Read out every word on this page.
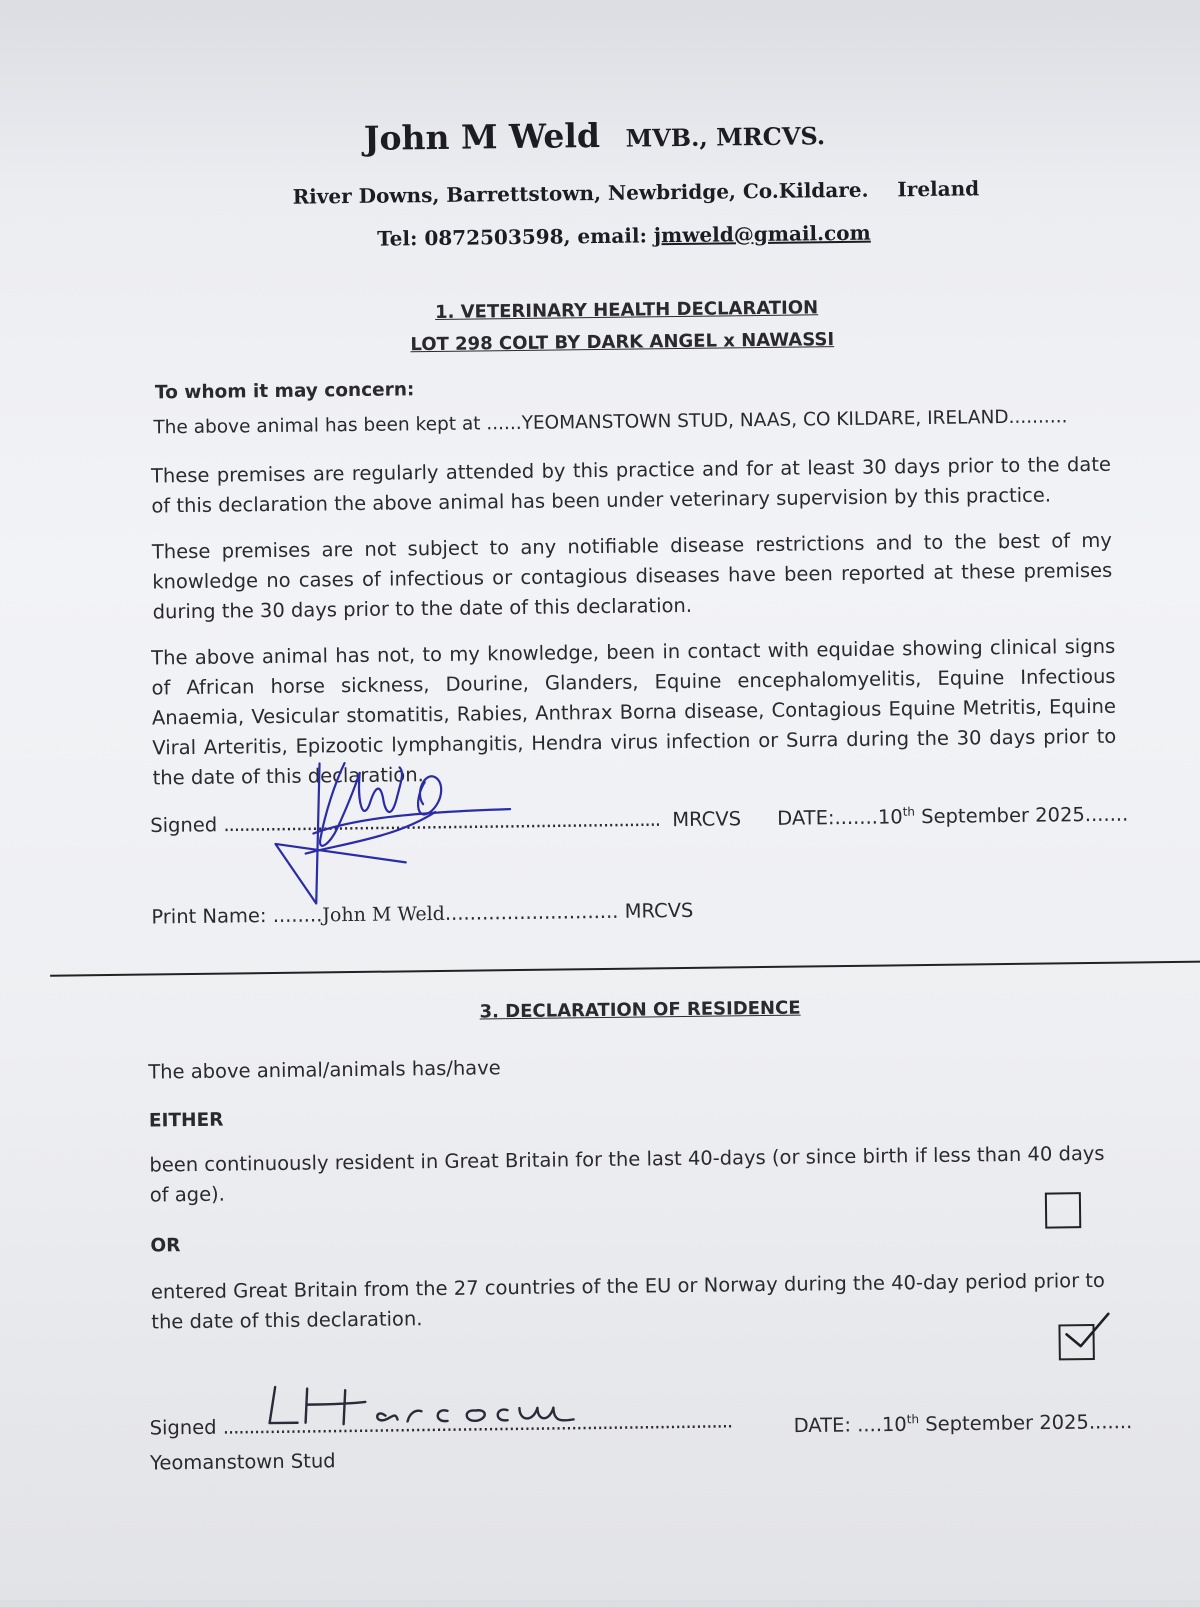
John M Weld MVB., MRCVS.
River Downs, Barrettstown, Newbridge, Co.Kildare. Ireland
Tel: 0872503598, email: jmweld@gmail.com
1. VETERINARY HEALTH DECLARATION
LOT 298 COLT BY DARK ANGEL x NAWASSI
To whom it may concern:
The above animal has been kept at ......YEOMANSTOWN STUD, NAAS, CO KILDARE, IRELAND..........
These premises are regularly attended by this practice and for at least 30 days prior to the date of this declaration the above animal has been under veterinary supervision by this practice.
These premises are not subject to any notifiable disease restrictions and to the best of my knowledge no cases of infectious or contagious diseases have been reported at these premises during the 30 days prior to the date of this declaration.
The above animal has not, to my knowledge, been in contact with equidae showing clinical signs of African horse sickness, Dourine, Glanders, Equine encephalomyelitis, Equine Infectious Anaemia, Vesicular stomatitis, Rabies, Anthrax Borna disease, Contagious Equine Metritis, Equine Viral Arteritis, Epizootic lymphangitis, Hendra virus infection or Surra during the 30 days prior to the date of this declaration.
Signed .................................................................................... MRCVS DATE:.......10th September 2025.......
Print Name: ........John M Weld............................ MRCVS
3. DECLARATION OF RESIDENCE
The above animal/animals has/have
EITHER
been continuously resident in Great Britain for the last 40-days (or since birth if less than 40 days of age).
OR
entered Great Britain from the 27 countries of the EU or Norway during the 40-day period prior to the date of this declaration.
Signed ..................................................................................................	DATE: ....10th September 2025.......
Yeomanstown Stud
